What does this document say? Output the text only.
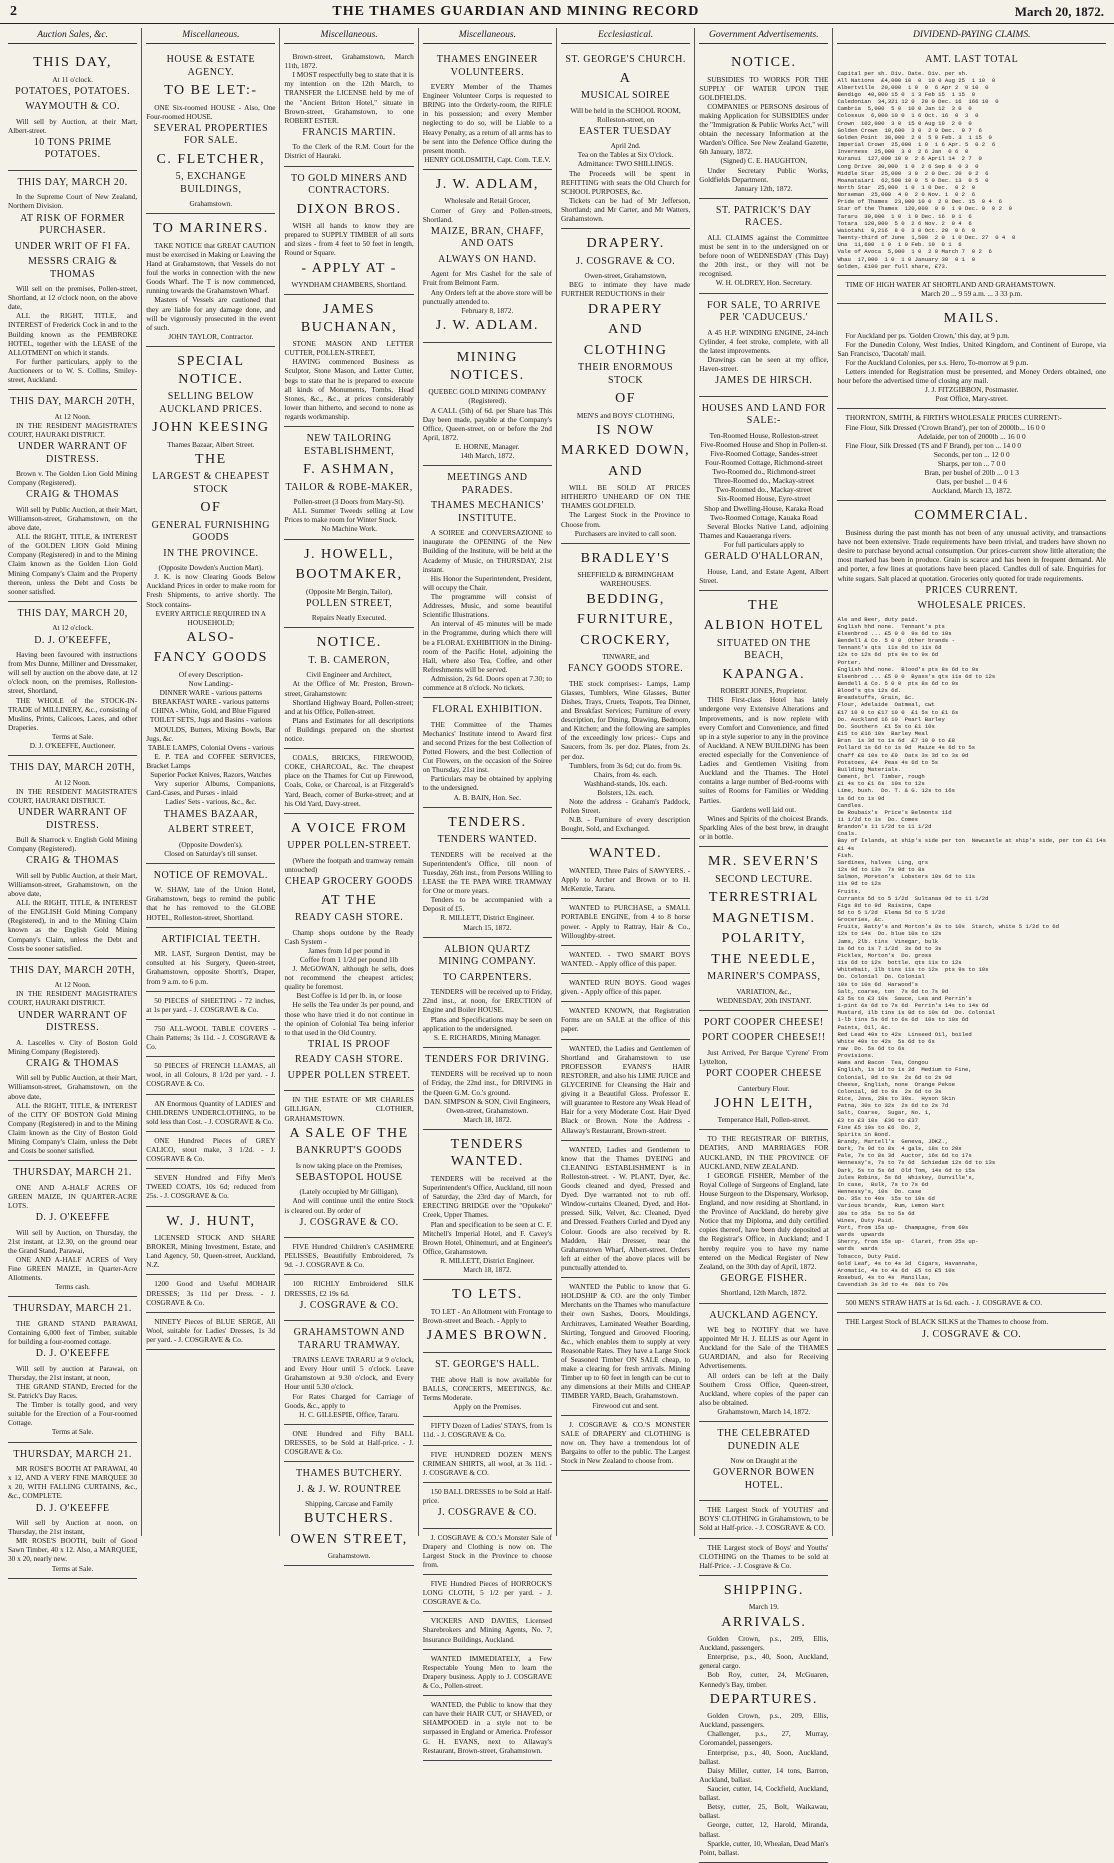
2	THE THAMES GUARDIAN AND MINING RECORD	March 20, 1872.
Auction Sales, &c.
THIS DAY,
At 11 o'clock.
POTATOES, POTATOES.
WAYMOUTH & CO.
Will sell by Auction, at their Mart, Albert-street.
10 TONS PRIME POTATOES.
THIS DAY, MARCH 20.
In the Supreme Court of New Zealand, Northern Division.
AT RISK OF FORMER PURCHASER.
UNDER WRIT OF FI FA.
MESSRS CRAIG & THOMAS
Will sell on the premises, Pollen-street, Shortland, at 12 o'clock noon, on the above date,
ALL the RIGHT, TITLE, and INTEREST of Frederick Cock in and to the Building known as the PEMBROKE HOTEL, together with the LEASE of the ALLOTMENT on which it stands.
For further particulars, apply to the Auctioneers or to W. S. Collins, Smiley-street, Auckland.
THIS DAY, MARCH 20TH,
At 12 Noon.
IN THE RESIDENT MAGISTRATE'S COURT, HAURAKI DISTRICT.
UNDER WARRANT OF DISTRESS.
Brown v. The Golden Lion Gold Mining Company (Registered).
CRAIG & THOMAS
Will sell by Public Auction, at their Mart, Williamson-street, Grahamstown, on the above date,
ALL the RIGHT, TITLE, & INTEREST of the GOLDEN LION Gold Mining Company (Registered) in and to the Mining Claim known as the Golden Lion Gold Mining Company's Claim and the Property thereon, unless the Debt and Costs be sooner satisfied.
THIS DAY, MARCH 20,
At 12 o'clock.
D. J. O'KEEFFE,
Having been favoured with instructions from Mrs Dunne, Milliner and Dressmaker, will sell by auction on the above date, at 12 o'clock noon, on the premises, Rolleston-street, Shortland,
THE WHOLE of the STOCK-IN-TRADE of MILLINERY, &c., consisting of Muslins, Prints, Calicoes, Laces, and other Draperies.
Terms at Sale.
D. J. O'KEEFFE, Auctioneer.
THIS DAY, MARCH 20TH,
At 12 Noon.
IN THE RESIDENT MAGISTRATE'S COURT, HAURAKI DISTRICT.
UNDER WARRANT OF DISTRESS.
Bull & Sharrock v. English Gold Mining Company (Registered).
CRAIG & THOMAS
Will sell by Public Auction, at their Mart, Williamson-street, Grahamstown, on the above date,
ALL the RIGHT, TITLE, & INTEREST of the ENGLISH Gold Mining Company (Registered), in and to the Mining Claim known as the English Gold Mining Company's Claim, unless the Debt and Costs be sooner satisfied.
THIS DAY, MARCH 20TH,
At 12 Noon.
IN THE RESIDENT MAGISTRATE'S COURT, HAURAKI DISTRICT.
UNDER WARRANT OF DISTRESS.
A. Lascelles v. City of Boston Gold Mining Company (Registered).
CRAIG & THOMAS
Will sell by Public Auction, at their Mart, Williamson-street, Grahamstown, on the above date,
ALL the RIGHT, TITLE, & INTEREST of the CITY OF BOSTON Gold Mining Company (Registered) in and to the Mining Claim known as the City of Boston Gold Mining Company's Claim, unless the Debt and Costs be sooner satisfied.
THURSDAY, MARCH 21.
ONE AND A-HALF ACRES OF GREEN MAIZE, IN QUARTER-ACRE LOTS.
D. J. O'KEEFFE
Will sell by Auction, on Thursday, the 21st instant, at 12.30, on the ground near the Grand Stand, Parawai,
ONE AND A-HALF ACRES of Very Fine GREEN MAIZE, in Quarter-Acre Allotments.
Terms cash.
THURSDAY, MARCH 21.
THE GRAND STAND PARAWAI, Containing 6,000 feet of Timber, suitable for building a four-roomed cottage.
D. J. O'KEEFFE
Will sell by auction at Parawai, on Thursday, the 21st instant, at noon,
THE GRAND STAND, Erected for the St. Patrick's Day Races.
The Timber is totally good, and very suitable for the Erection of a Four-roomed Cottage.
Terms at Sale.
THURSDAY, MARCH 21.
MR ROSE'S BOOTH AT PARAWAI, 40 x 12, AND A VERY FINE MARQUEE 30 x 20, WITH FALLING CURTAINS, &c., &c., COMPLETE.
D. J. O'KEEFFE
Will sell by Auction at noon, on Thursday, the 21st instant,
MR ROSE'S BOOTH, built of Good Sawn Timber, 40 x 12. Also, a MARQUEE, 30 x 20, nearly new.
Terms at Sale.
Miscellaneous.
HOUSE & ESTATE AGENCY.
TO BE LET:-
ONE Six-roomed HOUSE - Also, One Four-roomed HOUSE.
SEVERAL PROPERTIES FOR SALE.
C. FLETCHER,
5, EXCHANGE BUILDINGS,
Grahamstown.
TO MARINERS.
TAKE NOTICE that GREAT CAUTION must be exercised in Making or Leaving the Hand at Grahamstown, that Vessels do not foul the works in connection with the new Goods Wharf. The T is now commenced, running towards the Grahamstown Wharf.
Masters of Vessels are cautioned that they are liable for any damage done, and will be vigorously prosecuted in the event of such.
JOHN TAYLOR, Contractor.
SPECIAL NOTICE.
SELLING BELOW AUCKLAND PRICES.
JOHN KEESING
Thames Bazaar, Albert Street.
THE
LARGEST & CHEAPEST STOCK
OF
GENERAL FURNISHING GOODS
IN THE PROVINCE.
(Opposite Dowden's Auction Mart).
J. K. is now Clearing Goods Below Auckland Prices in order to make room for Fresh Shipments, to arrive shortly. The Stock contains-
EVERY ARTICLE REQUIRED IN A HOUSEHOLD;
ALSO-
FANCY GOODS
Of every Description-
Now Landing:-
DINNER WARE - various patterns
BREAKFAST WARE - various patterns
CHINA - White, Gold, and Blue Figured
TOILET SETS, Jugs and Basins - various
MOULDS, Butters, Mixing Bowls, Bar Jugs, &c.
TABLE LAMPS, Colonial Ovens - various
E. P. TEA and COFFEE SERVICES, Bracket Lamps
Superior Pocket Knives, Razors, Watches
Very superior Albums, Companions, Card-Cases, and Purses - inlaid
Ladies' Sets - various, &c., &c.
THAMES BAZAAR,
ALBERT STREET,
(Opposite Dowden's).
Closed on Saturday's till sunset.
NOTICE OF REMOVAL.
W. SHAW, late of the Union Hotel, Grahamstown, begs to remind the public that he has removed to the GLOBE HOTEL, Rolleston-street, Shortland.
ARTIFICIAL TEETH.
MR. LAST, Surgeon Dentist, may be consulted at his Surgery, Queen-street, Grahamstown, opposite Shortt's, Draper, from 9 a.m. to 6 p.m.
50 PIECES of SHEETING - 72 inches, at 1s per yard. - J. COSGRAVE & Co.
750 ALL-WOOL TABLE COVERS - Chain Patterns; 3s 11d. - J. COSGRAVE & Co.
50 PIECES of FRENCH LLAMAS, all wool, in all Colours, 8 1/2d per yard. - J. COSGRAVE & Co.
AN Enormous Quantity of LADIES' and CHILDREN'S UNDERCLOTHING, to be sold less than Cost. - J. COSGRAVE & Co.
ONE Hundred Pieces of GREY CALICO, stout make, 3 1/2d. - J. COSGRAVE & Co.
SEVEN Hundred and Fifty Men's TWEED COATS, 10s 6d; reduced from 25s. - J. COSGRAVE & Co.
W. J. HUNT,
LICENSED STOCK AND SHARE BROKER, Mining Investment, Estate, and Land Agency, 50, Queen-street, Auckland, N.Z.
1200 Good and Useful MOHAIR DRESSES; 3s 11d per Dress. - J. COSGRAVE & Co.
NINETY Pieces of BLUE SERGE, All Wool, suitable for Ladies' Dresses, 1s 3d per yard. - J. COSGRAVE & Co.
Miscellaneous.
Brown-street, Grahamstown, March 11th, 1872.
I MOST respectfully beg to state that it is my intention on the 12th March, to TRANSFER the LICENSE held by me of the "Ancient Briton Hotel," situate in Brown-street, Grahamstown, to one ROBERT ESTER.
FRANCIS MARTIN.
To the Clerk of the R.M. Court for the District of Hauraki.
TO GOLD MINERS AND CONTRACTORS.
DIXON BROS.
WISH all hands to know they are prepared to SUPPLY TIMBER of all sorts and sizes - from 4 feet to 50 feet in length, Round or Square.
- APPLY AT -
WYNDHAM CHAMBERS, Shortland.
JAMES BUCHANAN,
STONE MASON AND LETTER CUTTER, POLLEN-STREET,
HAVING commenced Business as Sculptor, Stone Mason, and Letter Cutter, begs to state that he is prepared to execute all kinds of Monuments, Tombs, Head Stones, &c., &c., at prices considerably lower than hitherto, and second to none as regards workmanship.
NEW TAILORING ESTABLISHMENT,
F. ASHMAN,
TAILOR & ROBE-MAKER,
Pollen-street (3 Doors from Mary-St).
ALL Summer Tweeds selling at Low Prices to make room for Winter Stock.
No Machine Work.
J. HOWELL,
BOOTMAKER,
(Opposite Mr Bergin, Tailor),
POLLEN STREET,
Repairs Neatly Executed.
NOTICE.
T. B. CAMERON,
Civil Engineer and Architect,
At the Office of Mr. Preston, Brown-street, Grahamstown:
Shortland Highway Board, Pollen-street; and at his Office, Pollen-street.
Plans and Estimates for all descriptions of Buildings prepared on the shortest notice.
COALS, BRICKS, FIREWOOD, COKE, CHARCOAL, &c. The cheapest place on the Thames for Cut up Firewood, Coals, Coke, or Charcoal, is at Fitzgerald's Yard, Beach, corner of Burke-street; and at his Old Yard, Davy-street.
A VOICE FROM
UPPER POLLEN-STREET.
(Where the footpath and tramway remain untouched)
CHEAP GROCERY GOODS
AT THE
READY CASH STORE.
Champ shops outdone by the Ready Cash System -
James from 1d per pound in
Coffee from 1 1/2d per pound 1lb
J. McGOWAN, although he sells, does not recommend the cheapest articles; quality he foremost.
Best Coffee is 1d per lb. in, or loose
He sells the Tea under 3s per pound, and those who have tried it do not continue in the opinion of Colonial Tea being inferior to that used in the Old Country.
TRIAL IS PROOF
READY CASH STORE.
UPPER POLLEN STREET.
IN THE ESTATE OF MR CHARLES GILLIGAN, CLOTHIER, GRAHAMSTOWN.
A SALE OF THE
BANKRUPT'S GOODS
Is now taking place on the Premises,
SEBASTOPOL HOUSE
(Lately occupied by Mr Gilligan),
And will continue until the entire Stock is cleared out. By order of
J. COSGRAVE & CO.
FIVE Hundred Children's CASHMERE PELISSES, Beautifully Embroidered, 7s 9d. - J. COSGRAVE & Co.
100 RICHLY Embroidered SILK DRESSES, £2 19s 6d.
J. COSGRAVE & CO.
GRAHAMSTOWN AND TARARU TRAMWAY.
TRAINS LEAVE TARARU at 9 o'clock, and Every Hour until 5 o'clock. Leave Grahamstown at 9.30 o'clock, and Every Hour until 5.30 o'clock.
For Rates Charged for Carriage of Goods, &c., apply to
H. C. GILLESPIE, Office, Tararu.
ONE Hundred and Fifty BALL DRESSES, to be Sold at Half-price. - J. COSGRAVE & Co.
THAMES BUTCHERY.
J. & J. W. ROUNTREE
Shipping, Carcase and Family
BUTCHERS.
OWEN STREET,
Grahamstown.
Miscellaneous.
THAMES ENGINEER VOLUNTEERS.
EVERY Member of the Thames Engineer Volunteer Corps is requested to BRING into the Orderly-room, the RIFLE in his possession; and every Member neglecting to do so, will be Liable to a Heavy Penalty, as a return of all arms has to be sent into the Defence Office during the present month.
HENRY GOLDSMITH, Capt. Com. T.E.V.
J. W. ADLAM,
Wholesale and Retail Grocer,
Corner of Grey and Pollen-streets, Shortland.
MAIZE, BRAN, CHAFF, AND OATS
ALWAYS ON HAND.
Agent for Mrs Cashel for the sale of Fruit from Belmont Farm.
Any Orders left at the above store will be punctually attended to.
February 8, 1872.
J. W. ADLAM.
MINING NOTICES.
QUEBEC GOLD MINING COMPANY (Registered).
A CALL (5th) of 6d. per Share has This Day been made, payable at the Company's Office, Queen-street, on or before the 2nd April, 1872.
E. HORNE, Manager.
14th March, 1872.
MEETINGS AND PARADES.
THAMES MECHANICS' INSTITUTE.
A SOIREE and CONVERSAZIONE to inaugurate the OPENING of the New Building of the Institute, will be held at the Academy of Music, on THURSDAY, 21st instant.
His Honor the Superintendent, President, will occupy the Chair.
The programme will consist of Addresses, Music, and some beautiful Scientific Illustrations.
An interval of 45 minutes will be made in the Programme, during which there will be a FLORAL EXHIBITION in the Dining-room of the Pacific Hotel, adjoining the Hall, where also Tea, Coffee, and other Refreshments will be served.
Admission, 2s 6d. Doors open at 7.30; to commence at 8 o'clock. No tickets.
FLORAL EXHIBITION.
THE Committee of the Thames Mechanics' Institute intend to Award first and second Prizes for the best Collection of Potted Flowers, and the best Collection of Cut Flowers, on the occasion of the Soiree on Thursday, 21st inst.
Particulars may be obtained by applying to the undersigned.
A. B. BAIN, Hon. Sec.
TENDERS.
TENDERS WANTED.
TENDERS will be received at the Superintendent's Office, till noon of Tuesday, 26th inst., from Persons Willing to LEASE the TE PAPA WIRE TRAMWAY for One or more years.
Tenders to be accompanied with a Deposit of £5.
R. MILLETT, District Engineer.
March 15, 1872.
ALBION QUARTZ MINING COMPANY.
TO CARPENTERS.
TENDERS will be received up to Friday, 22nd inst., at noon, for ERECTION of Engine and Boiler HOUSE.
Plans and Specifications may be seen on application to the undersigned.
S. E. RICHARDS, Mining Manager.
TENDERS FOR DRIVING.
TENDERS will be received up to noon of Friday, the 22nd inst., for DRIVING in the Queen G.M. Co.'s ground.
DAN. SIMPSON & SON, Civil Engineers,
Owen-street, Grahamstown.
March 18, 1872.
TENDERS WANTED.
TENDERS will be received at the Superintendent's Office, Auckland, till noon of Saturday, the 23rd day of March, for ERECTING BRIDGE over the "Opukeko" Creek, Upper Thames.
Plan and specification to be seen at C. F. Mitchell's Imperial Hotel, and F. Cavey's Brown Hotel, Ohinemuri, and at Engineer's Office, Grahamstown.
R. MILLETT, District Engineer.
March 18, 1872.
TO LETS.
TO LET - An Allotment with Frontage to Brown-street and Beach. - Apply to
JAMES BROWN.
ST. GEORGE'S HALL.
THE above Hall is now available for BALLS, CONCERTS, MEETINGS, &c. Terms Moderate.
Apply on the Premises.
FIFTY Dozen of Ladies' STAYS, from 1s 11d. - J. COSGRAVE & Co.
FIVE HUNDRED DOZEN MEN'S CRIMEAN SHIRTS, all wool, at 3s 11d. - J. COSGRAVE & CO.
150 BALL DRESSES to be Sold at Half-price.
J. COSGRAVE & CO.
J. COSGRAVE & CO.'s Monster Sale of Drapery and Clothing is now on. The Largest Stock in the Province to choose from.
FIVE Hundred Pieces of HORROCK'S LONG CLOTH, 5 1/2 per yard. - J. COSGRAVE & Co.
VICKERS AND DAVIES, Licensed Sharebrokers and Mining Agents, No. 7, Insurance Buildings, Auckland.
WANTED IMMEDIATELY, a Few Respectable Young Men to learn the Drapery business. Apply to J. COSGRAVE & Co., Pollen-street.
WANTED, the Public to know that they can have their HAIR CUT, or SHAVED, or SHAMPOOED in a style not to be surpassed in England or America. Professor G. H. EVANS, next to Allaway's Restaurant, Brown-street, Grahamstown.
Ecclesiastical.
ST. GEORGE'S CHURCH.
A
MUSICAL SOIREE
Will be held in the SCHOOL ROOM,
Rolleston-street, on
EASTER TUESDAY
April 2nd.
Tea on the Tables at Six O'clock.
Admittance: TWO SHILLINGS.
The Proceeds will be spent in REFITTING with seats the Old Church for SCHOOL PURPOSES, &c.
Tickets can be had of Mr Jefferson, Shortland; and Mr Carter, and Mr Watters, Grahamstown.
DRAPERY.
J. COSGRAVE & CO.
Owen-street, Grahamstown,
BEG to intimate they have made FURTHER REDUCTIONS in their
DRAPERY
AND
CLOTHING
THEIR ENORMOUS STOCK
OF
MEN'S and BOYS' CLOTHING,
IS NOW
MARKED DOWN,
AND
WILL BE SOLD AT PRICES HITHERTO UNHEARD OF ON THE THAMES GOLDFIELD.
The Largest Stock in the Province to Choose from.
Purchasers are invited to call soon.
BRADLEY'S
SHEFFIELD & BIRMINGHAM WAREHOUSES.
BEDDING,
FURNITURE,
CROCKERY,
TINWARE, and
FANCY GOODS STORE.
THE stock comprises:- Lamps, Lamp Glasses, Tumblers, Wine Glasses, Butter Dishes, Trays, Cruets, Teapots, Tea Dinner, and Breakfast Services; Furniture of every description, for Dining, Drawing, Bedroom, and Kitchen; and the following are samples of the exceedingly low prices:- Cups and Saucers, from 3s. per doz. Plates, from 2s. per doz.
Tumblers, from 3s 6d; cut do. from 9s.
Chairs, from 4s. each.
Washhand-stands, 10s. each.
Bolsters, 12s. each.
Note the address - Graham's Paddock, Pollen Street.
N.B. - Furniture of every description Bought, Sold, and Exchanged.
WANTED.
WANTED, Three Pairs of SAWYERS. - Apply to Archer and Brown or to H. McKenzie, Tararu.
WANTED to PURCHASE, a SMALL PORTABLE ENGINE, from 4 to 8 horse power. - Apply to Rattray, Hair & Co., Willoughby-street.
WANTED. - TWO SMART BOYS WANTED. - Apply office of this paper.
WANTED RUN BOYS. Good wages given. - Apply office of this paper.
WANTED KNOWN, that Registration Forms are on SALE at the office of this paper.
WANTED, the Ladies and Gentlemen of Shortland and Grahamstown to use PROFESSOR EVANS'S HAIR RESTORER, and also his LIME JUICE and GLYCERINE for Cleansing the Hair and giving it a Beautiful Gloss. Professor E. will guarantee to Restore any Weak Head of Hair for a very Moderate Cost. Hair Dyed Black or Brown. Note the Address - Allaway's Restaurant, Brown-street.
WANTED, Ladies and Gentlemen to know that the Thames DYEING and CLEANING ESTABLISHMENT is in Rolleston-street. - W. PLANT, Dyer, &c. Goods cleaned and dyed, Pressed and Dyed. Dye warranted not to rub off. Window-curtains Cleaned, Dyed, and Hot-pressed. Silk, Velvet, &c. Cleaned, Dyed and Dressed. Feathers Curled and Dyed any Colour. Goods are also received by R. Madden, Hair Dresser, near the Grahamstown Wharf, Albert-street. Orders left at either of the above places will be punctually attended to.
WANTED the Public to know that G. HOLDSHIP & CO. are the only Timber Merchants on the Thames who manufacture their own Sashes, Doors, Mouldings, Architraves, Laminated Weather Boarding, Skirting, Tongued and Grooved Flooring, &c., which enables them to supply at very Reasonable Rates. They have a Large Stock of Seasoned Timber ON SALE cheap, to make a clearing for fresh arrivals. Mining Timber up to 60 feet in length can be cut to any dimensions at their Mills and CHEAP TIMBER YARD, Beach, Grahamstown.
Firewood cut and sent.
J. COSGRAVE & CO.'S MONSTER SALE of DRAPERY and CLOTHING is now on. They have a tremendous lot of Bargains to offer to the public. The Largest Stock in New Zealand to choose from.
Government Advertisements.
NOTICE.
SUBSIDIES TO WORKS FOR THE SUPPLY OF WATER UPON THE GOLDFIELDS.
COMPANIES or PERSONS desirous of making Application for SUBSIDIES under the "Immigration & Public Works Act," will obtain the necessary Information at the Warden's Office. See New Zealand Gazette, 6th January, 1872.
(Signed) C. E. HAUGHTON,
Under Secretary Public Works, Goldfields Department.
January 12th, 1872.
ST. PATRICK'S DAY RACES.
ALL CLAIMS against the Committee must be sent in to the undersigned on or before noon of WEDNESDAY (This Day) the 20th inst., or they will not be recognised.
W. H. OLDREY, Hon. Secretary.
FOR SALE, TO ARRIVE PER 'CADUCEUS.'
A 45 H.P. WINDING ENGINE, 24-inch Cylinder, 4 feet stroke, complete, with all the latest improvements.
Drawings can be seen at my office, Haven-street.
JAMES DE HIRSCH.
HOUSES AND LAND FOR SALE:-
Ten-Roomed House, Rolleston-street
Five-Roomed House and Shop in Pollen-st.
Five-Roomed Cottage, Sandes-street
Four-Roomed Cottage, Richmond-street
Two-Roomed do., Richmond-street
Three-Roomed do., Mackay-street
Two-Roomed do., Mackay-street
Six-Roomed House, Eyre-street
Shop and Dwelling-House, Karaka Road
Two-Roomed Cottage, Kauaka Road
Several Blocks Native Land, adjoining Thames and Kauaeranga rivers.
For full particulars apply to
GERALD O'HALLORAN,
House, Land, and Estate Agent, Albert Street.
THE
ALBION HOTEL
SITUATED ON THE BEACH,
KAPANGA.
ROBERT JONES, Proprietor.
THIS First-class Hotel has lately undergone very Extensive Alterations and Improvements, and is now replete with every Comfort and Convenience, and fitted up in a style superior to any in the province of Auckland. A NEW BUILDING has been erected especially for the Convenience of Ladies and Gentlemen Visiting from Auckland and the Thames. The Hotel contains a large number of Bed-rooms with suites of Rooms for Families or Wedding Parties.
Gardens well laid out.
Wines and Spirits of the choicest Brands. Sparkling Ales of the best brew, in draught or in bottle.
MR. SEVERN'S
SECOND LECTURE.
TERRESTRIAL
MAGNETISM.
POLARITY,
THE NEEDLE,
MARINER'S COMPASS,
VARIATION, &c.,
WEDNESDAY, 20th INSTANT.
PORT COOPER CHEESE!
PORT COOPER CHEESE!!
Just Arrived, Per Barque 'Cyrene' From Lyttelton,
PORT COOPER CHEESE
Canterbury Flour.
JOHN LEITH,
Temperance Hall, Pollen-street.
TO THE REGISTRAR OF BIRTHS, DEATHS, AND MARRIAGES FOR AUCKLAND, IN THE PROVINCE OF AUCKLAND, NEW ZEALAND.
I GEORGE FISHER, Member of the Royal College of Surgeons of England, late House Surgeon to the Dispensary, Worksop, England, and now residing at Shortland, in the Province of Auckland, do hereby give Notice that my Diploma, and duly certified copies thereof, have been duly deposited at the Registrar's Office, in Auckland; and I hereby require you to have my name entered on the Medical Register of New Zealand, on the 30th day of April, 1872.
GEORGE FISHER.
Shortland, 12th March, 1872.
AUCKLAND AGENCY.
WE beg to NOTIFY that we have appointed Mr H. J. ELLIS as our Agent in Auckland for the Sale of the THAMES GUARDIAN, and also for Receiving Advertisements.
All orders can be left at the Daily Southern Cross Office, Queen-street, Auckland, where copies of the paper can also be obtained.
Grahamstown, March 14, 1872.
THE CELEBRATED DUNEDIN ALE
Now on Draught at the
GOVERNOR BOWEN HOTEL.
THE Largest Stock of YOUTHS' and BOYS' CLOTHING in Grahamstown, to be Sold at Half-price. - J. COSGRAVE & CO.
THE Largest stock of Boys' and Youths' CLOTHING on the Thames to be sold at Half-Price. - J. Cosgrave & Co.
SHIPPING.
March 19.
ARRIVALS.
Golden Crown, p.s., 209, Ellis, Auckland, passengers.
Enterprise, p.s., 40, Soon, Auckland, general cargo.
Bob Roy, cutter, 24, McGuaren, Kennedy's Bay, timber.
DEPARTURES.
Golden Crown, p.s., 209, Ellis, Auckland, passengers.
Challenger, p.s., 27, Murray, Coromandel, passengers.
Enterprise, p.s., 40, Soon, Auckland, ballast.
Daisy Miller, cutter, 14 tons, Barron, Auckland, ballast.
Saucier, cutter, 14, Cockfield, Auckland, ballast.
Betsy, cutter, 25, Bolt, Waikawau, ballast.
George, cutter, 12, Harold, Miranda, ballast.
Sparkle, cutter, 10, Whealan, Dead Man's Point, ballast.
DIVIDEND-PAYING CLAIMS.
AMT. LAST TOTAL
Capital per sh. Div. Date. Div. per sh.
All Nations  £4,000 10  0  10 0 Aug 25  1 10  0
Albertville  20,000  1 0  0  6 Apr 2  0 10  0
Bendigo  40,000 15 0  1 3 Feb 15  1 15  0
Caledonian  34,321 12 0  20 0 Dec. 16  166 10  0
Cambria  5,000  5 0  10 0 Jan 12  3 0  0
Colossus  6,000 10 0  1 6 Oct. 16  0  3  0
Crown  102,000  3 0  15 0 Aug 19  2 0  0
Golden Crown  10,600  3 0  2 0 Dec.  0 7  6
Golden Point  30,000  2 0  5 0 Feb. 3  1 15  0
Imperial Crown  25,000  1 0  1 6 Apr. 5  0 2  6
Inverness  25,000  3 0  2 6 Jan  0 6  0
Kuranui  127,000 10 0  2 6 April 14  2 7  0
Long Drive  30,000  1 0  2 6 Sep 8  0 3  0
Middle Star  25,000  3 0  2 0 Dec. 20  0 2  6
Moanataiari  62,500 10 0  5 0 Dec. 13  0 5  0
North Star  25,000  1 0  1 0 Dec.  0 2  0
Norseman  25,000  4 0  2 0 Nov. 1  0 2  6
Pride of Thames  23,000 10 0  2 0 Dec. 15  0 4  6
Star of the Thames  120,000  8 0  1 9 Dec. 9  0 2  9
Tararu  30,000  1 0  1 0 Dec. 16  0 1  6
Totara  120,000  5 0  2 6 Nov. 2  0 4  6
Waiotahi  9,216  8 0  3 0 Oct. 20  0 6  0
Twenty-third of June  1,500  2 0  1 0 Dec. 27  0 4  0
Una  11,600  1 0  1 0 Feb. 19  0 1  6
Vale of Avoca  5,000  1 0  2 0 March 7  0 2  6
Whau  17,000  1 0  1 0 January 30  0 1  0
Golden, £100 per full share, £73.
TIME OF HIGH WATER AT SHORTLAND AND GRAHAMSTOWN.
March 20 ... 9 59 a.m. ... 3 33 p.m.
MAILS.
For Auckland per ps. 'Golden Crown,' this day, at 9 p.m.
For the Dunedin Colony, West Indies, United Kingdom, and Continent of Europe, via San Francisco, 'Dacotah' mail.
For the Auckland Colonies, per s.s. Hero, To-morrow at 9 p.m.
Letters intended for Registration must be presented, and Money Orders obtained, one hour before the advertised time of closing any mail.
J. J. FITZGIBBON, Postmaster.
Post Office, Mary-street.
THORNTON, SMITH, & FIRTH'S WHOLESALE PRICES CURRENT:-
Fine Flour, Silk Dressed ('Crown Brand'), per ton of 2000lb... 16 0 0
Adelaide, per ton of 2000lb ... 16 0 0
Fine Flour, Silk Dressed (TS and F Brand), per ton ... 14 0 0
Seconds, per ton ... 12 0 0
Sharps, per ton ... 7 0 0
Bran, per bushel of 20lb ... 0 1 3
Oats, per bushel ... 0 4 6
Auckland, March 13, 1872.
COMMERCIAL.
Business during the past month has not been of any unusual activity, and transactions have not been extensive. Trade requirements have been trivial, and traders have shown no desire to purchase beyond actual consumption. Our prices-current show little alteration; the most marked has been in produce. Grain is scarce and has been in frequent demand. Ale and porter, a few lines at quotations have been placed. Candles dull of sale. Enquiries for white sugars. Salt placed at quotation. Groceries only quoted for trade requirements.
PRICES CURRENT.
WHOLESALE PRICES.
Ale and Beer, duty paid.
English hhd none.  Tennant's pts
Elsenbrod ... £5 0 0  9s 6d to 10s
Bendell & Co. 5 0 0  Other brands -
Tennant's qts  11s 6d to 11s 6d
12s to 12s 6d  pts 9s to 9s 6d
Porter.
English hhd none.  Blood's pts 8s 6d to 9s
Elsenbrod ... £5 0 0  Byass's qts 11s 6d to 12s
Bendell & Co. 5 0 0  pts 8s 6d to 9s
Blood's qts 12s 6d.
Breadstuffs, Grain, &c.
Flour, Adelaide  Oatmeal, cwt
£17 10 0 to £17 10 0  £1 5s to £1 6s
Do. Auckland 16 10  Pearl Barley
Do. Southern  £1 5s to £1 10s
£15 to £16 10s  Barley Meal
Bran  1s 3d to 1s 6d  £7 10 0 to £8
Pollard 1s 6d to 1s 9d  Maize 4s 6d to 5s
Chaff £8 10s to £9  Oats 3s 3d to 3s 9d
Potatoes, £4  Peas 4s 6d to 5s
Building Materials.
Cement, brl  Timber, rough
£1 4s to £1 6s  10s to 12s
Lime, bush.  Do. T. & G. 12s to 16s
1s 6d to 1s 9d
Candles.
De Roubaix's  Price's Belmonts 11d
11 1/2d to 1s  Do. Comes
Brandon's 11 1/2d to 11 1/2d
Coals.
Bay of Islands, at ship's side per ton  Newcastle at ship's side, per ton £1 14s
£1 4s
Fish.
Sardines, halves  Ling, qrs
12s 9d to 13s  7s 9d to 8s
Salmon, Moreton's  Lobsters 10s 6d to 11s
11s 9d to 12s
Fruits.
Currants 5d to 5 1/2d  Sultanas 9d to 11 1/2d
Figs 8d to 9d  Raisins, Cape
5d to 5 1/2d  Elema 5d to 5 1/2d
Groceries, &c.
Fruits, Batty's and Morton's 8s to 10s  Starch, white 5 1/2d to 6d
12s to 14s  Do. blue 10s to 12s
Jams, 2lb. tins  Vinegar, bulk
1s 6d to 1s 7 1/2d  3s 6d to 3s
Pickles, Morton's  Do. gross
11s 6d to 12s  bottle. qts 11s to 12s
Whitebait, 1lb tins 11s to 12s  pts 9s to 10s
Do. Colonial  Do. Colonial
10s to 10s 6d  Harwood's
Salt, coarse, ton  7s 6d to 7s 9d
£3 5s to £3 10s  Sauce, Lea and Perrin's
1-pint 6s 6d to 7s 6d  Perrin's 14s to 14s 6d
Mustard, 1lb tins 1s 8d to 10s 6d  Do. Colonial
1-lb tins 5s 6d to 6s 6d  10s to 10s 6d
Paints, Oil, &c.
Red Lead 40s to 42s  Linseed Oil, boiled
White 40s to 42s  5s 6d to 6s
raw  Do. 5s 6d to 6s
Provisions.
Hams and Bacon  Tea, Congou
English, 1s 1d to 1s 2d  Medium to Fine,
Colonial, 8d to 9s  2s 6d to 2s 9d
Cheese, English, none  Orange Pekoe
Colonial, 8d to 9s  2s 6d to 3s
Rice, Java, 28s to 30s.  Hyson Skin
Patna, 30s to 32s  2s 6d to 2s 7d
Salt, Coarse,  Sugar, No. 1,
£3 to £3 10s  £36 to £37
Fine £5 10s to £6  Do. 2,
Spirits in Bond.
Brandy, Martell's  Geneva, JDKZ.,
Dark, 7s 9d to 8s  4 gals, 18s to 20s
Pale, 7s to 8s 3d  Auctor, 16s 6d to 17s
Hennessy's, 7s to 7s 6d  Schiedam 12s 6d to 13s
Dark, 5s to 5s 6d  Old Tom, 14s 6d to 15s
Jules Robins, 5s 6d  Whiskey, Dunville's,
In case,  Bulk, 7s to 7s 6d
Hennessy's, 10s  Do. case
Do. 35s to 40s  15s to 18s 6d
Various brands,  Rum, Lemon Hart
30s to 35s  5s to 5s 6d
Wines, Duty Paid.
Port, from 15s up-  Champagne, from 60s
wards  upwards
Sherry, from 15s up-  Claret, from 25s up-
wards  wards
Tobacco, Duty Paid.
Gold Leaf, 4s to 4s 3d  Cigars, Havannahs,
Aromatic, 4s to 4s 6d  £5 to £5 10s
Rosebud, 4s to 4s  Manillas,
Cavendish 3s 3d to 4s  60s to 70s
500 MEN'S STRAW HATS at 1s 6d. each. - J. COSGRAVE & CO.
THE Largest Stock of BLACK SILKS at the Thames to choose from.
J. COSGRAVE & CO.
